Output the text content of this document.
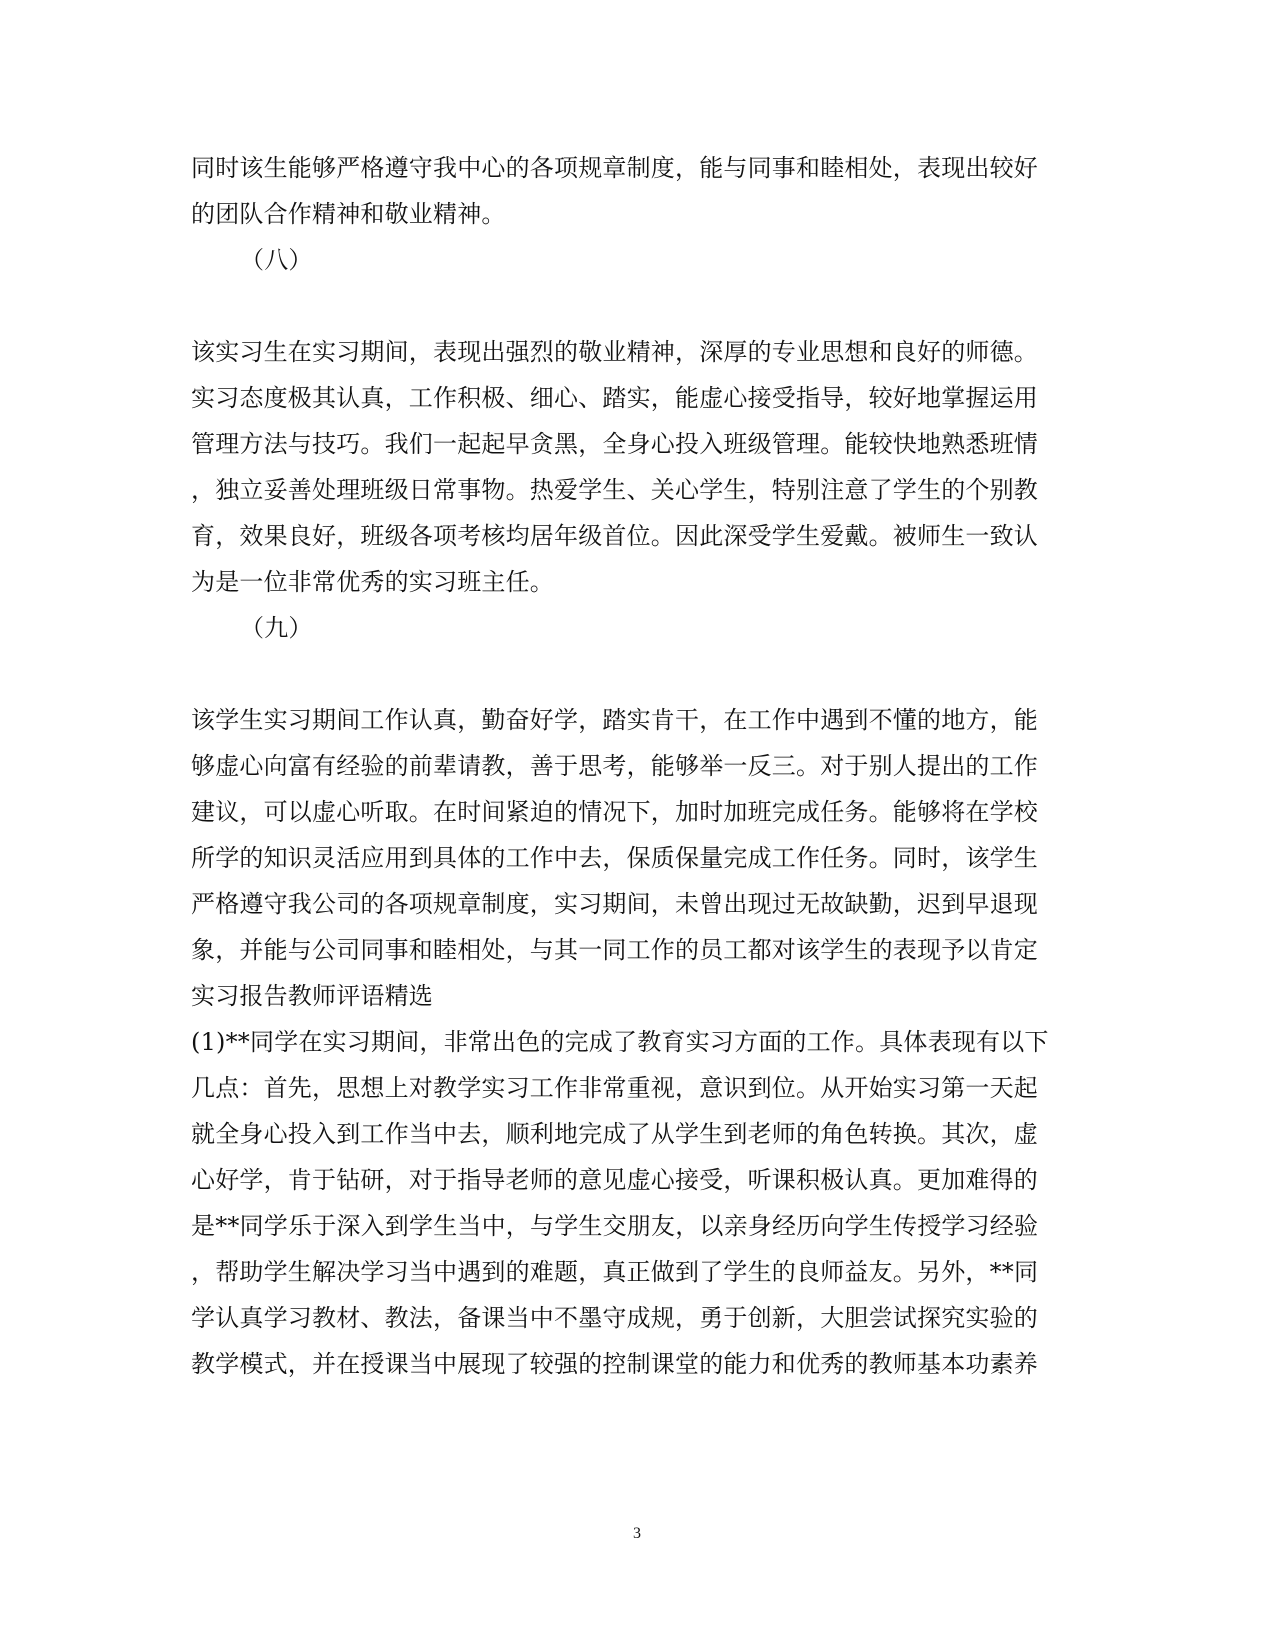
同时该生能够严格遵守我中心的各项规章制度，能与同事和睦相处，表现出较好
的团队合作精神和敬业精神。
（八）
该实习生在实习期间，表现出强烈的敬业精神，深厚的专业思想和良好的师德。
实习态度极其认真，工作积极、细心、踏实，能虚心接受指导，较好地掌握运用
管理方法与技巧。我们一起起早贪黑，全身心投入班级管理。能较快地熟悉班情
，独立妥善处理班级日常事物。热爱学生、关心学生，特别注意了学生的个别教
育，效果良好，班级各项考核均居年级首位。因此深受学生爱戴。被师生一致认
为是一位非常优秀的实习班主任。
（九）
该学生实习期间工作认真，勤奋好学，踏实肯干，在工作中遇到不懂的地方，能
够虚心向富有经验的前辈请教，善于思考，能够举一反三。对于别人提出的工作
建议，可以虚心听取。在时间紧迫的情况下，加时加班完成任务。能够将在学校
所学的知识灵活应用到具体的工作中去，保质保量完成工作任务。同时，该学生
严格遵守我公司的各项规章制度，实习期间，未曾出现过无故缺勤，迟到早退现
象，并能与公司同事和睦相处，与其一同工作的员工都对该学生的表现予以肯定
实习报告教师评语精选
(1)**同学在实习期间，非常出色的完成了教育实习方面的工作。具体表现有以下
几点：首先，思想上对教学实习工作非常重视，意识到位。从开始实习第一天起
就全身心投入到工作当中去，顺利地完成了从学生到老师的角色转换。其次，虚
心好学，肯于钻研，对于指导老师的意见虚心接受，听课积极认真。更加难得的
是**同学乐于深入到学生当中，与学生交朋友，以亲身经历向学生传授学习经验
，帮助学生解决学习当中遇到的难题，真正做到了学生的良师益友。另外，**同
学认真学习教材、教法，备课当中不墨守成规，勇于创新，大胆尝试探究实验的
教学模式，并在授课当中展现了较强的控制课堂的能力和优秀的教师基本功素养
3
